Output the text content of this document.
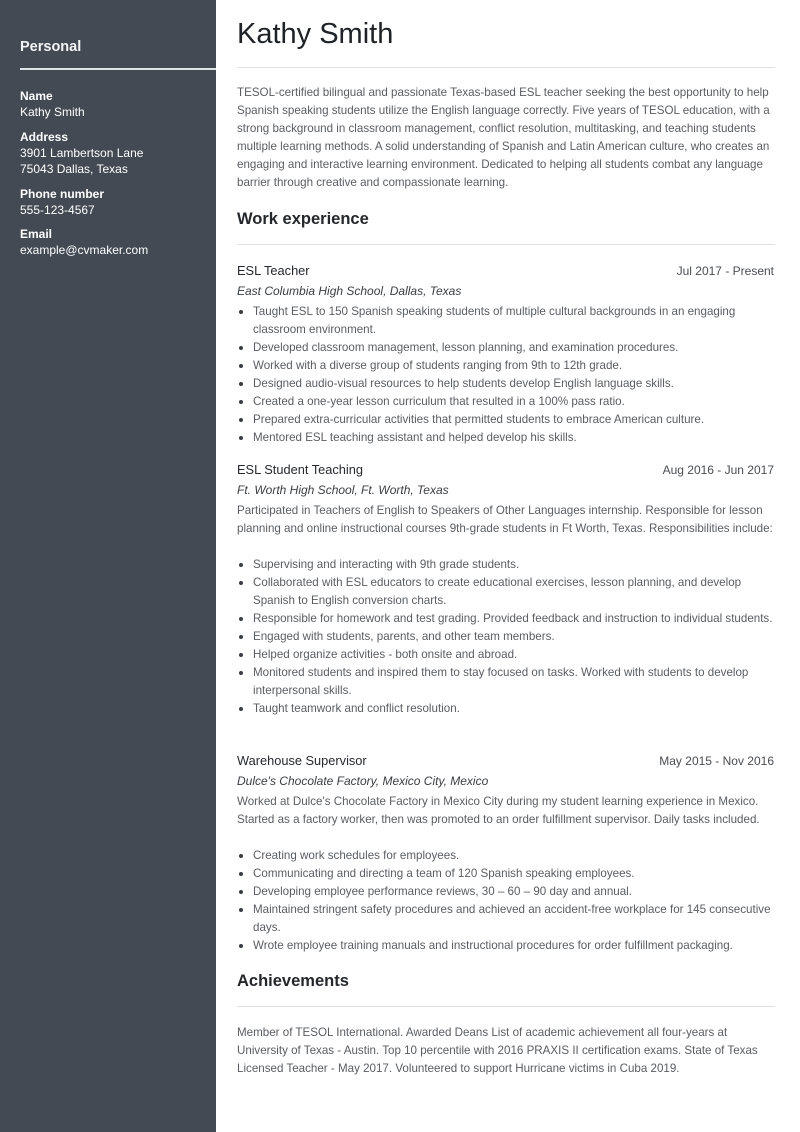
Personal
Name
Kathy Smith
Address
3901 Lambertson Lane
75043 Dallas, Texas
Phone number
555-123-4567
Email
example@cvmaker.com
Kathy Smith

TESOL-certified bilingual and passionate Texas-based ESL teacher seeking the best opportunity to help Spanish speaking students utilize the English language correctly. Five years of TESOL education, with a strong background in classroom management, conflict resolution, multitasking, and teaching students multiple learning methods. A solid understanding of Spanish and Latin American culture, who creates an engaging and interactive learning environment. Dedicated to helping all students combat any language barrier through creative and compassionate learning.

Work experience
ESL Teacher	Jul 2017 - Present
East Columbia High School, Dallas, Texas
Taught ESL to 150 Spanish speaking students of multiple cultural backgrounds in an engaging classroom environment.
Developed classroom management, lesson planning, and examination procedures.
Worked with a diverse group of students ranging from 9th to 12th grade.
Designed audio-visual resources to help students develop English language skills.
Created a one-year lesson curriculum that resulted in a 100% pass ratio.
Prepared extra-curricular activities that permitted students to embrace American culture.
Mentored ESL teaching assistant and helped develop his skills.
ESL Student Teaching	Aug 2016 - Jun 2017
Ft. Worth High School, Ft. Worth, Texas

Participated in Teachers of English to Speakers of Other Languages internship. Responsible for lesson planning and online instructional courses 9th-grade students in Ft Worth, Texas. Responsibilities include:

Supervising and interacting with 9th grade students.
Collaborated with ESL educators to create educational exercises, lesson planning, and develop Spanish to English conversion charts.
Responsible for homework and test grading. Provided feedback and instruction to individual students.
Engaged with students, parents, and other team members.
Helped organize activities - both onsite and abroad.
Monitored students and inspired them to stay focused on tasks. Worked with students to develop interpersonal skills.
Taught teamwork and conflict resolution.
Warehouse Supervisor	May 2015 - Nov 2016
Dulce's Chocolate Factory, Mexico City, Mexico

Worked at Dulce's Chocolate Factory in Mexico City during my student learning experience in Mexico. Started as a factory worker, then was promoted to an order fulfillment supervisor. Daily tasks included.

Creating work schedules for employees.
Communicating and directing a team of 120 Spanish speaking employees.
Developing employee performance reviews, 30 – 60 – 90 day and annual.
Maintained stringent safety procedures and achieved an accident-free workplace for 145 consecutive days.
Wrote employee training manuals and instructional procedures for order fulfillment packaging.
Achievements

Member of TESOL International. Awarded Deans List of academic achievement all four-years at University of Texas - Austin. Top 10 percentile with 2016 PRAXIS II certification exams. State of Texas Licensed Teacher - May 2017. Volunteered to support Hurricane victims in Cuba 2019.
